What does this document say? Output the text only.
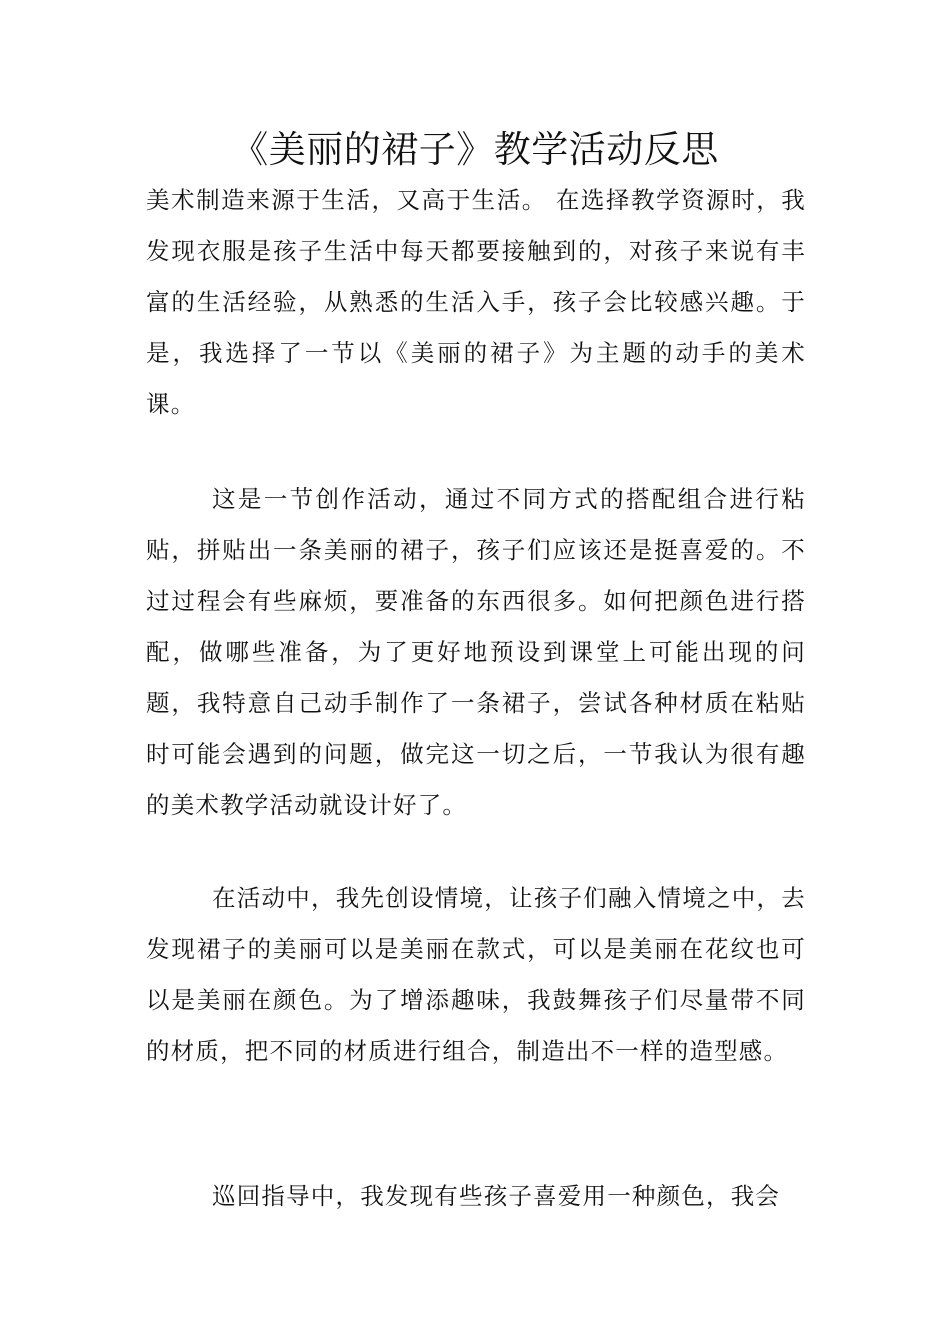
《美丽的裙子》教学活动反思

美术制造来源于生活，又高于生活。 在选择教学资源时，我发现衣服是孩子生活中每天都要接触到的，对孩子来说有丰富的生活经验，从熟悉的生活入手，孩子会比较感兴趣。于是，我选择了一节以《美丽的裙子》为主题的动手的美术课。

这是一节创作活动，通过不同方式的搭配组合进行粘贴，拼贴出一条美丽的裙子，孩子们应该还是挺喜爱的。不过过程会有些麻烦，要准备的东西很多。如何把颜色进行搭配，做哪些准备，为了更好地预设到课堂上可能出现的问题，我特意自己动手制作了一条裙子，尝试各种材质在粘贴时可能会遇到的问题，做完这一切之后，一节我认为很有趣的美术教学活动就设计好了。

在活动中，我先创设情境，让孩子们融入情境之中，去发现裙子的美丽可以是美丽在款式，可以是美丽在花纹也可以是美丽在颜色。为了增添趣味，我鼓舞孩子们尽量带不同的材质，把不同的材质进行组合，制造出不一样的造型感。

巡回指导中，我发现有些孩子喜爱用一种颜色，我会
